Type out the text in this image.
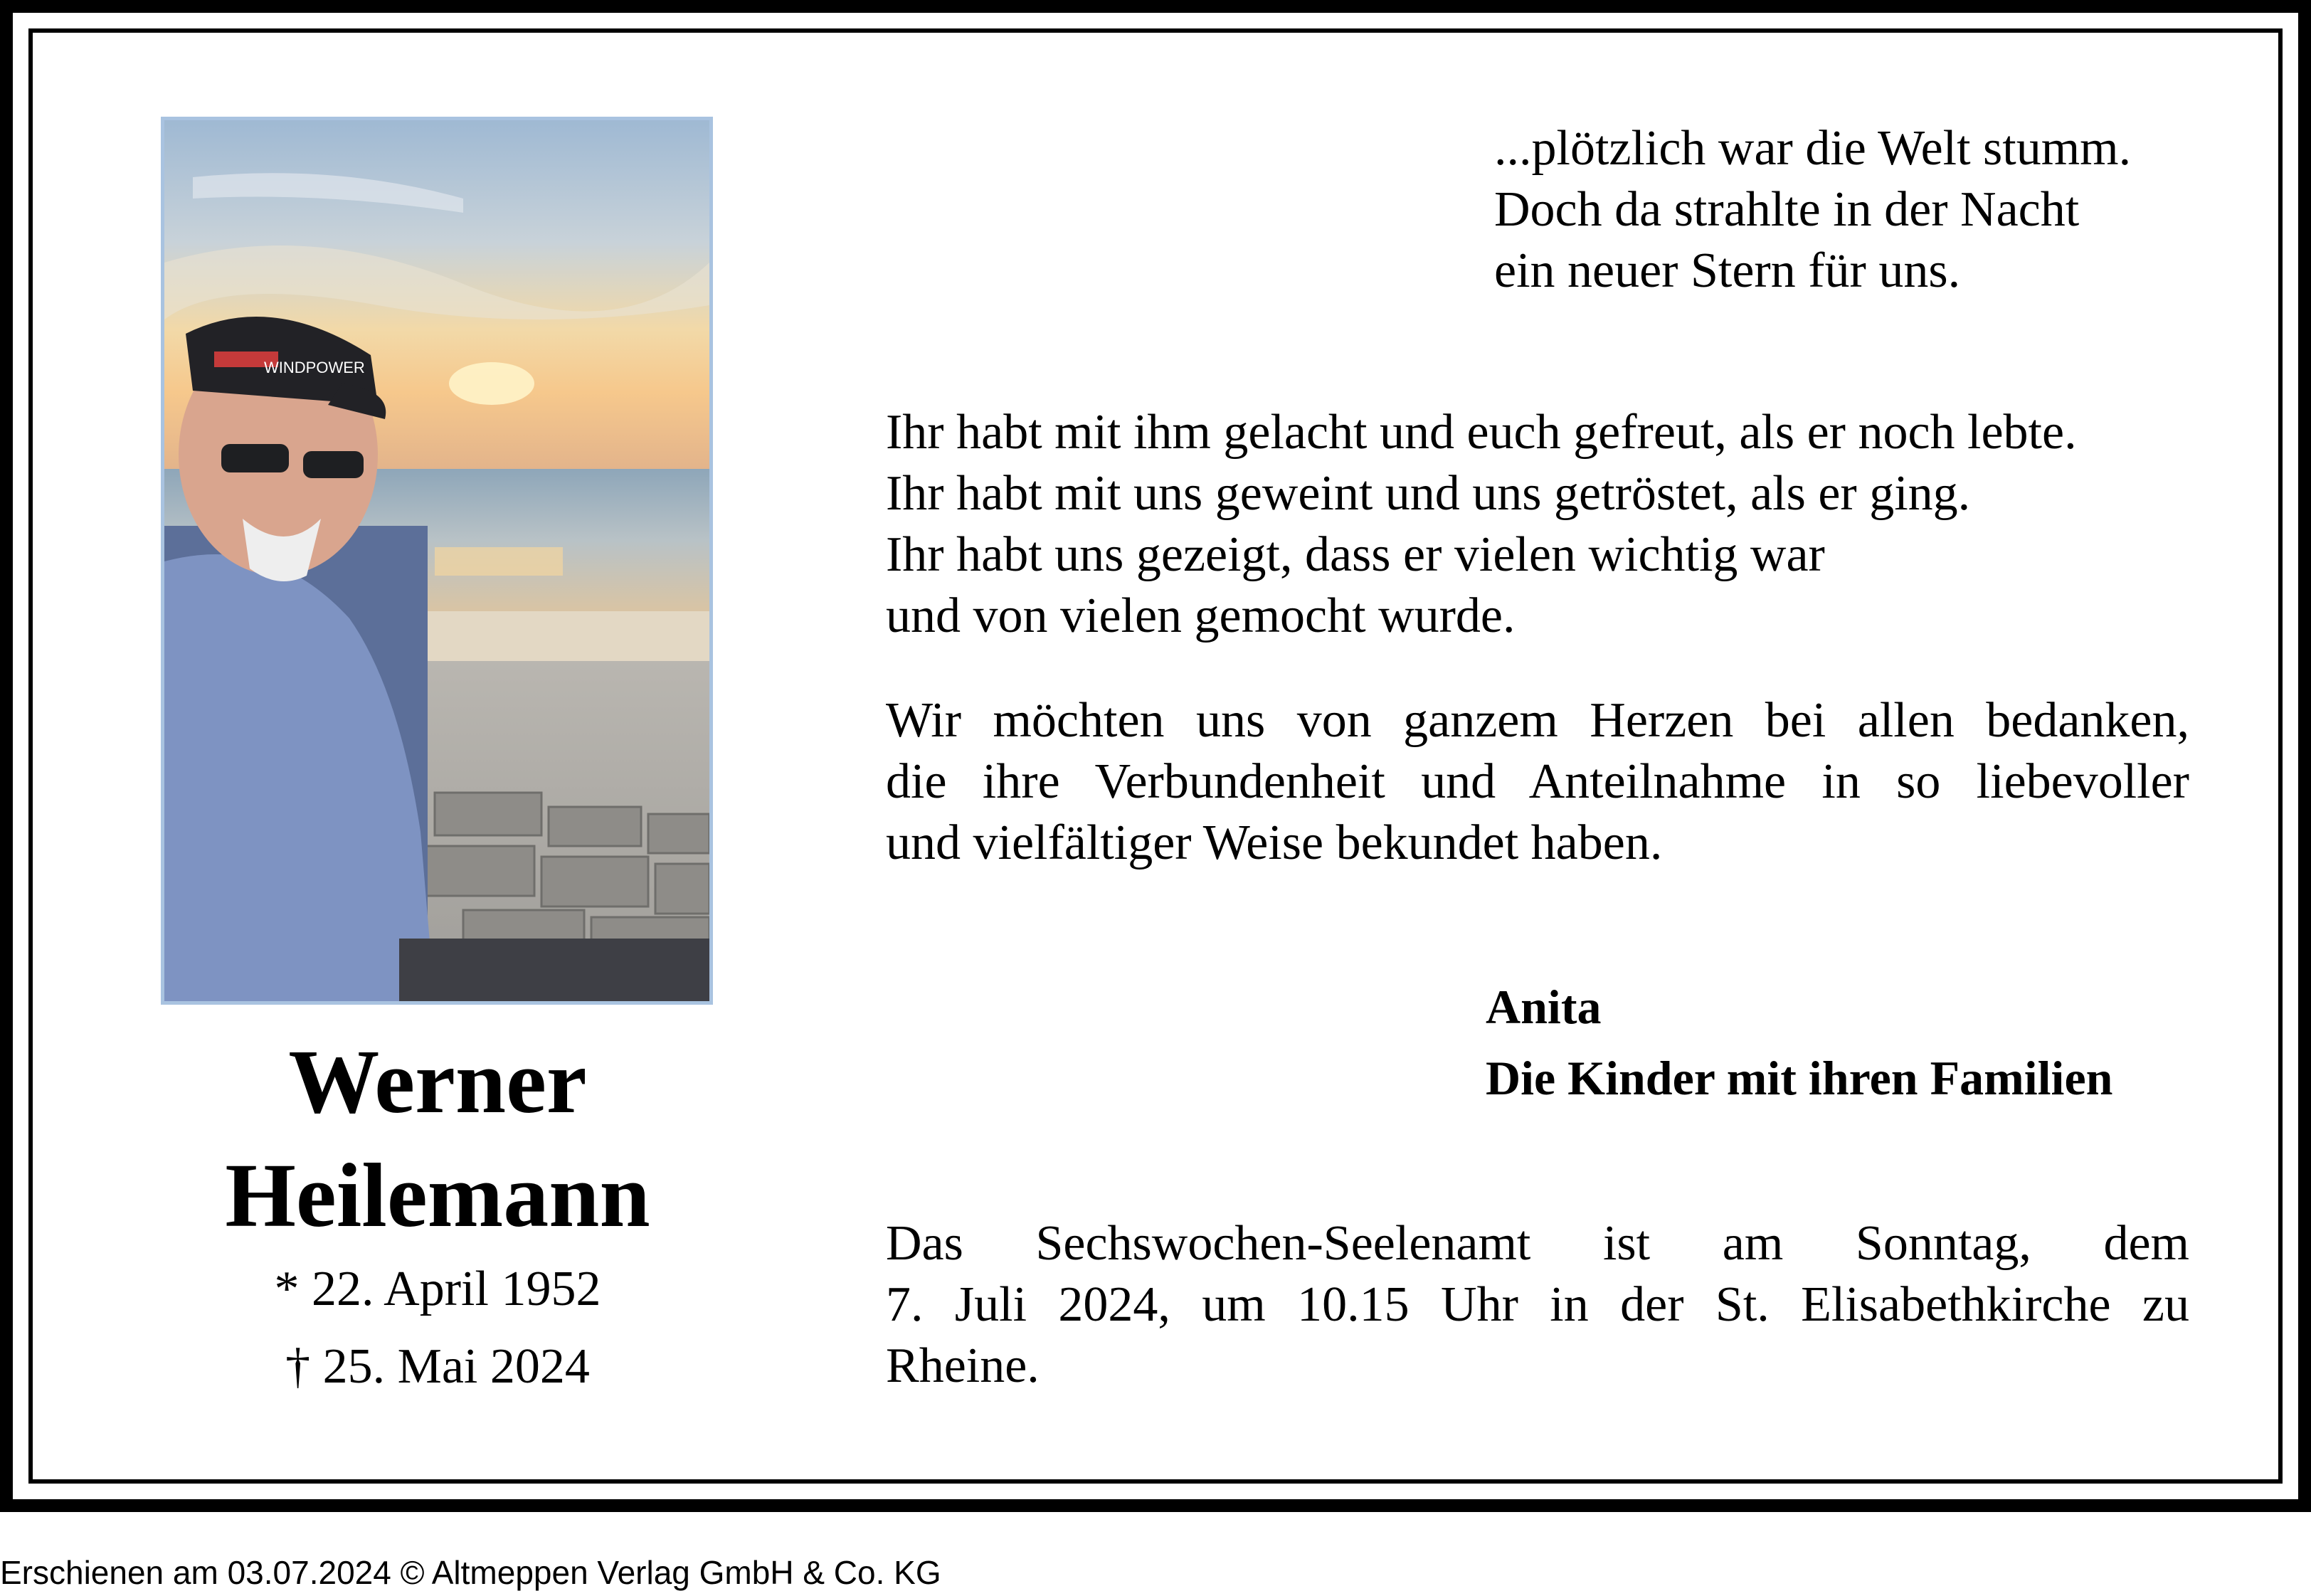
WINDPOWER
Werner
Heilemann
* 22. April 1952
† 25. Mai 2024
...plötzlich war die Welt stumm.
Doch da strahlte in der Nacht
ein neuer Stern für uns.
Ihr habt mit ihm gelacht und euch gefreut, als er noch lebte.
Ihr habt mit uns geweint und uns getröstet, als er ging.
Ihr habt uns gezeigt, dass er vielen wichtig war
und von vielen gemocht wurde.
Wir möchten uns von ganzem Herzen bei allen bedanken,
die ihre Verbundenheit und Anteilnahme in so liebevoller
und vielfältiger Weise bekundet haben.
Anita
Die Kinder mit ihren Familien
Das Sechswochen-Seelenamt ist am Sonntag, dem
7. Juli 2024, um 10.15 Uhr in der St. Elisabethkirche zu
Rheine.
Erschienen am 03.07.2024 © Altmeppen Verlag GmbH & Co. KG
